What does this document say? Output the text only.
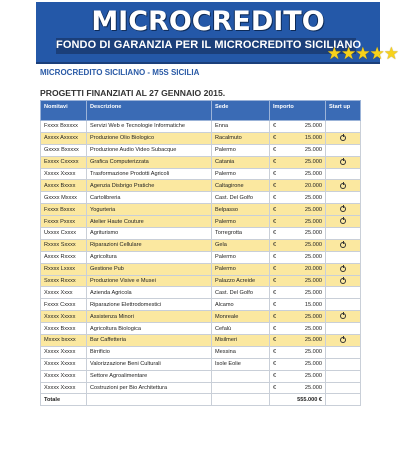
MICROCREDITO
FONDO DI GARANZIA PER IL MICROCREDITO SICILIANO
★★★★★
MICROCREDITO SICILIANO - M5S SICILIA
PROGETTI FINANZIATI AL 27 GENNAIO 2015.
Nomitavi	Descrizione	Sede	Importo		Start up
Fxxxx Bxxxxx	Servizi Web e Tecnologie Informatiche	Enna	€	25.000	
Axxxx Axxxxx	Produzione Olio Biologico	Racalmuto	€	15.000	
Gxxxx Bxxxxx	Produzione Audio Video Subacque	Palermo	€	25.000	
Exxxx Cxxxxx	Grafica Computerizzata	Catania	€	25.000	
Xxxxx Xxxxx	Trasformazione Prodotti Agricoli	Palermo	€	25.000	
Axxxx Bxxxx	Agenzia Disbrigo Pratiche	Caltagirone	€	20.000	
Gxxxx Mxxxx	Cartolibreria	Cast. Del Golfo	€	25.000	
Fxxxx Bxxxx	Yogurteria	Belpasso	€	25.000	
Fxxxx Pxxxx	Atelier Haute Couture	Palermo	€	25.000	
Uxxxx Cxxxx	Agriturismo	Torregrotta	€	25.000	
Rxxxx Sxxxx	Riparazioni Cellulare	Gela	€	25.000	
Axxxx Rxxxx	Agricoltura	Palermo	€	25.000	
Rxxxx Lxxxx	Gestione Pub	Palermo	€	20.000	
Sxxxx Rxxxx	Produzione Visive e Musei	Palazzo Acreide	€	25.000	
Xxxxx Xxxx	Azienda Agricola	Cast. Del Golfo	€	25.000	
Fxxxx Cxxxx	Riparazione Elettrodomestici	Alcamo	€	15.000	
Xxxxx Xxxxx	Assistenza Minori	Monreale	€	25.000	
Xxxxx Bxxxx	Agricoltura Biologica	Cefalù	€	25.000	
Mxxxx bxxxx	Bar Caffetteria	Misilmeri	€	25.000	
Xxxxx Xxxxx	Birrificio	Messina	€	25.000	
Xxxxx Xxxxx	Valorizzazione Beni Culturali	Isole Eolie	€	25.000	
Xxxxx Xxxxx	Settore Agroalimentare		€	25.000	
Xxxxx Xxxxx	Costruzioni per Bio Architettura		€	25.000	
Totale			555.000 €		
